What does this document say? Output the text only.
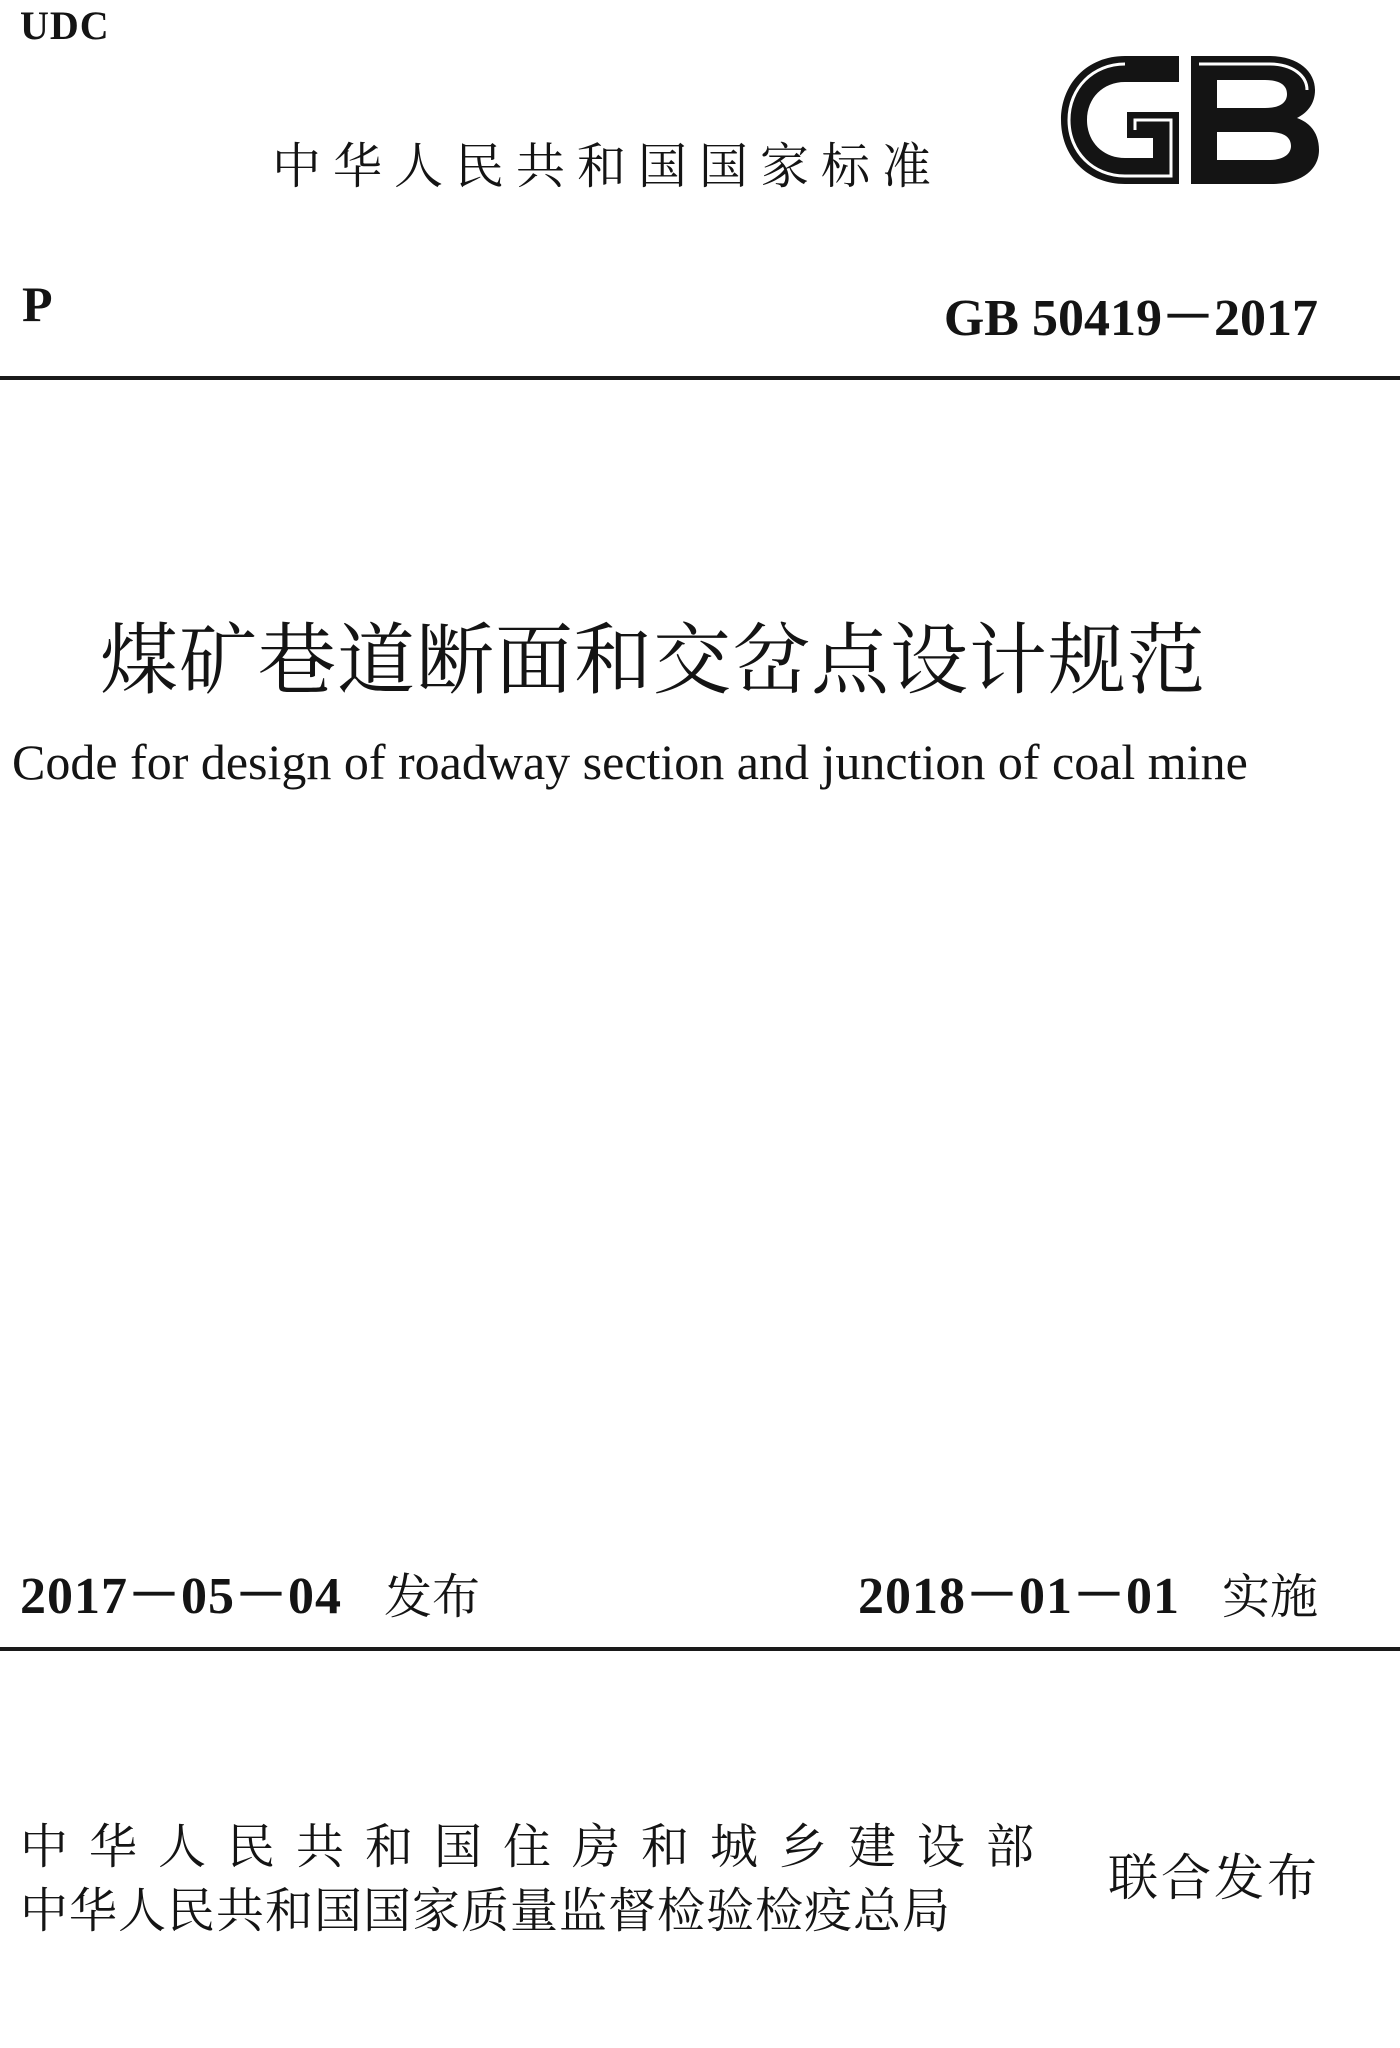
UDC
中华人民共和国国家标准
P	GB 50419－2017
煤矿巷道断面和交岔点设计规范
Code for design of roadway section and junction of coal mine
2017－05－04 发布	2018－01－01 实施
中华人民共和国住房和城乡建设部
中华人民共和国国家质量监督检验检疫总局
联合发布
